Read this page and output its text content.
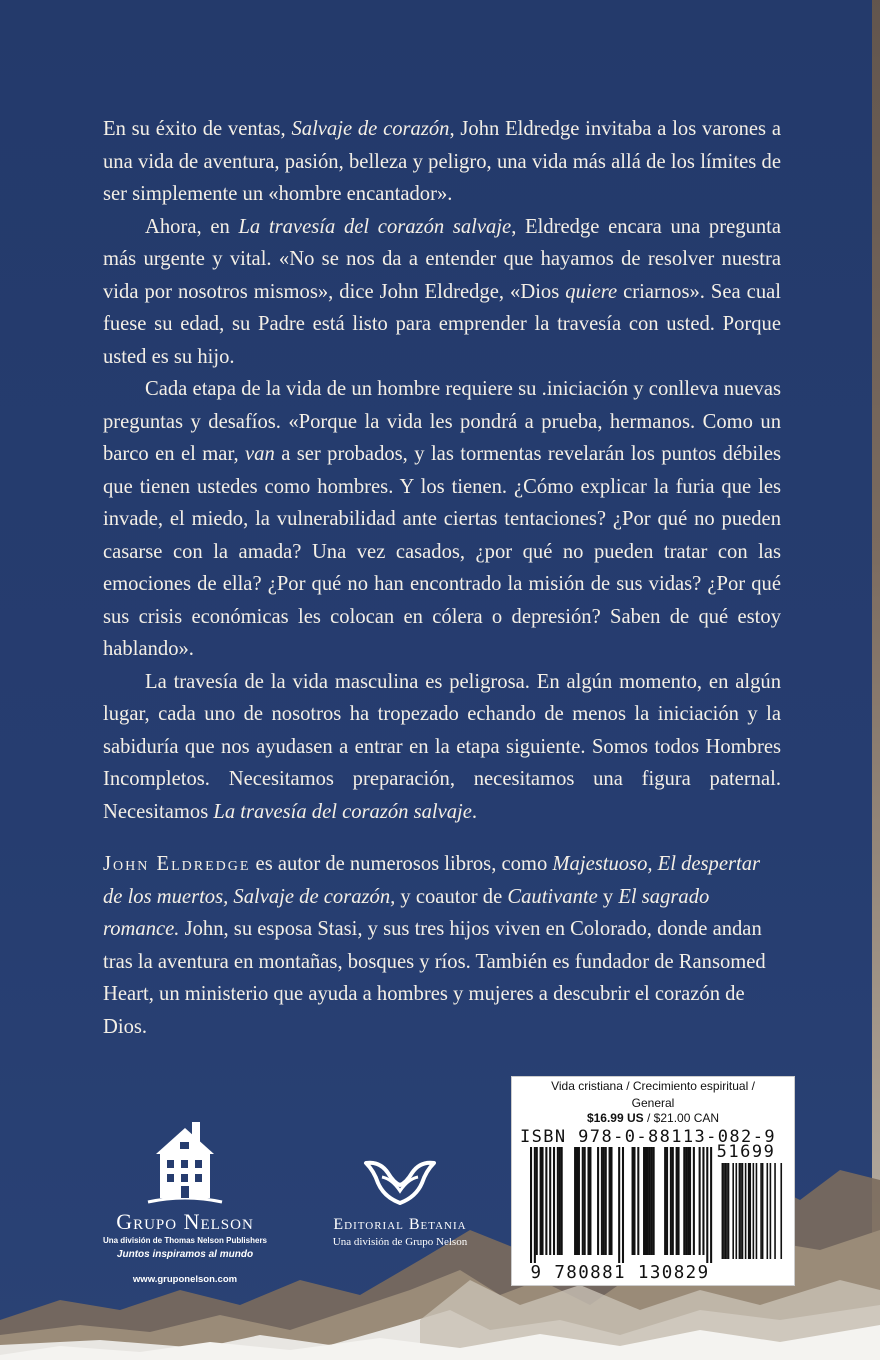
En su éxito de ventas, Salvaje de corazón, John Eldredge invitaba a los varones a una vida de aventura, pasión, belleza y peligro, una vida más allá de los límites de ser simplemente un «hombre encantador».

Ahora, en La travesía del corazón salvaje, Eldredge encara una pregunta más urgente y vital. «No se nos da a entender que hayamos de resolver nuestra vida por nosotros mismos», dice John Eldredge, «Dios quiere criarnos». Sea cual fuese su edad, su Padre está listo para emprender la travesía con usted. Porque usted es su hijo.

Cada etapa de la vida de un hombre requiere su .iniciación y conlleva nuevas preguntas y desafíos. «Porque la vida les pondrá a prueba, hermanos. Como un barco en el mar, van a ser probados, y las tormentas revelarán los puntos débiles que tienen ustedes como hombres. Y los tienen. ¿Cómo explicar la furia que les invade, el miedo, la vulnerabilidad ante ciertas tentaciones? ¿Por qué no pueden casarse con la amada? Una vez casados, ¿por qué no pueden tratar con las emociones de ella? ¿Por qué no han encontrado la misión de sus vidas? ¿Por qué sus crisis económicas les colocan en cólera o depresión? Saben de qué estoy hablando».

La travesía de la vida masculina es peligrosa. En algún momento, en algún lugar, cada uno de nosotros ha tropezado echando de menos la iniciación y la sabiduría que nos ayudasen a entrar en la etapa siguiente. Somos todos Hombres Incompletos. Necesitamos preparación, necesitamos una figura paternal. Necesitamos La travesía del corazón salvaje.

John Eldredge es autor de numerosos libros, como Majestuoso, El despertar de los muertos, Salvaje de corazón, y coautor de Cautivante y El sagrado romance. John, su esposa Stasi, y sus tres hijos viven en Colorado, donde andan tras la aventura en montañas, bosques y ríos. También es fundador de Ransomed Heart, un ministerio que ayuda a hombres y mujeres a descubrir el corazón de Dios.

Vida cristiana / Crecimiento espiritual /
General
$16.99 US / $21.00 CAN
ISBN 978-0-88113-082-9
51699
9 780881 130829
Grupo Nelson
Una división de Thomas Nelson Publishers
Juntos inspiramos al mundo
www.gruponelson.com
Editorial Betania
Una división de Grupo Nelson
